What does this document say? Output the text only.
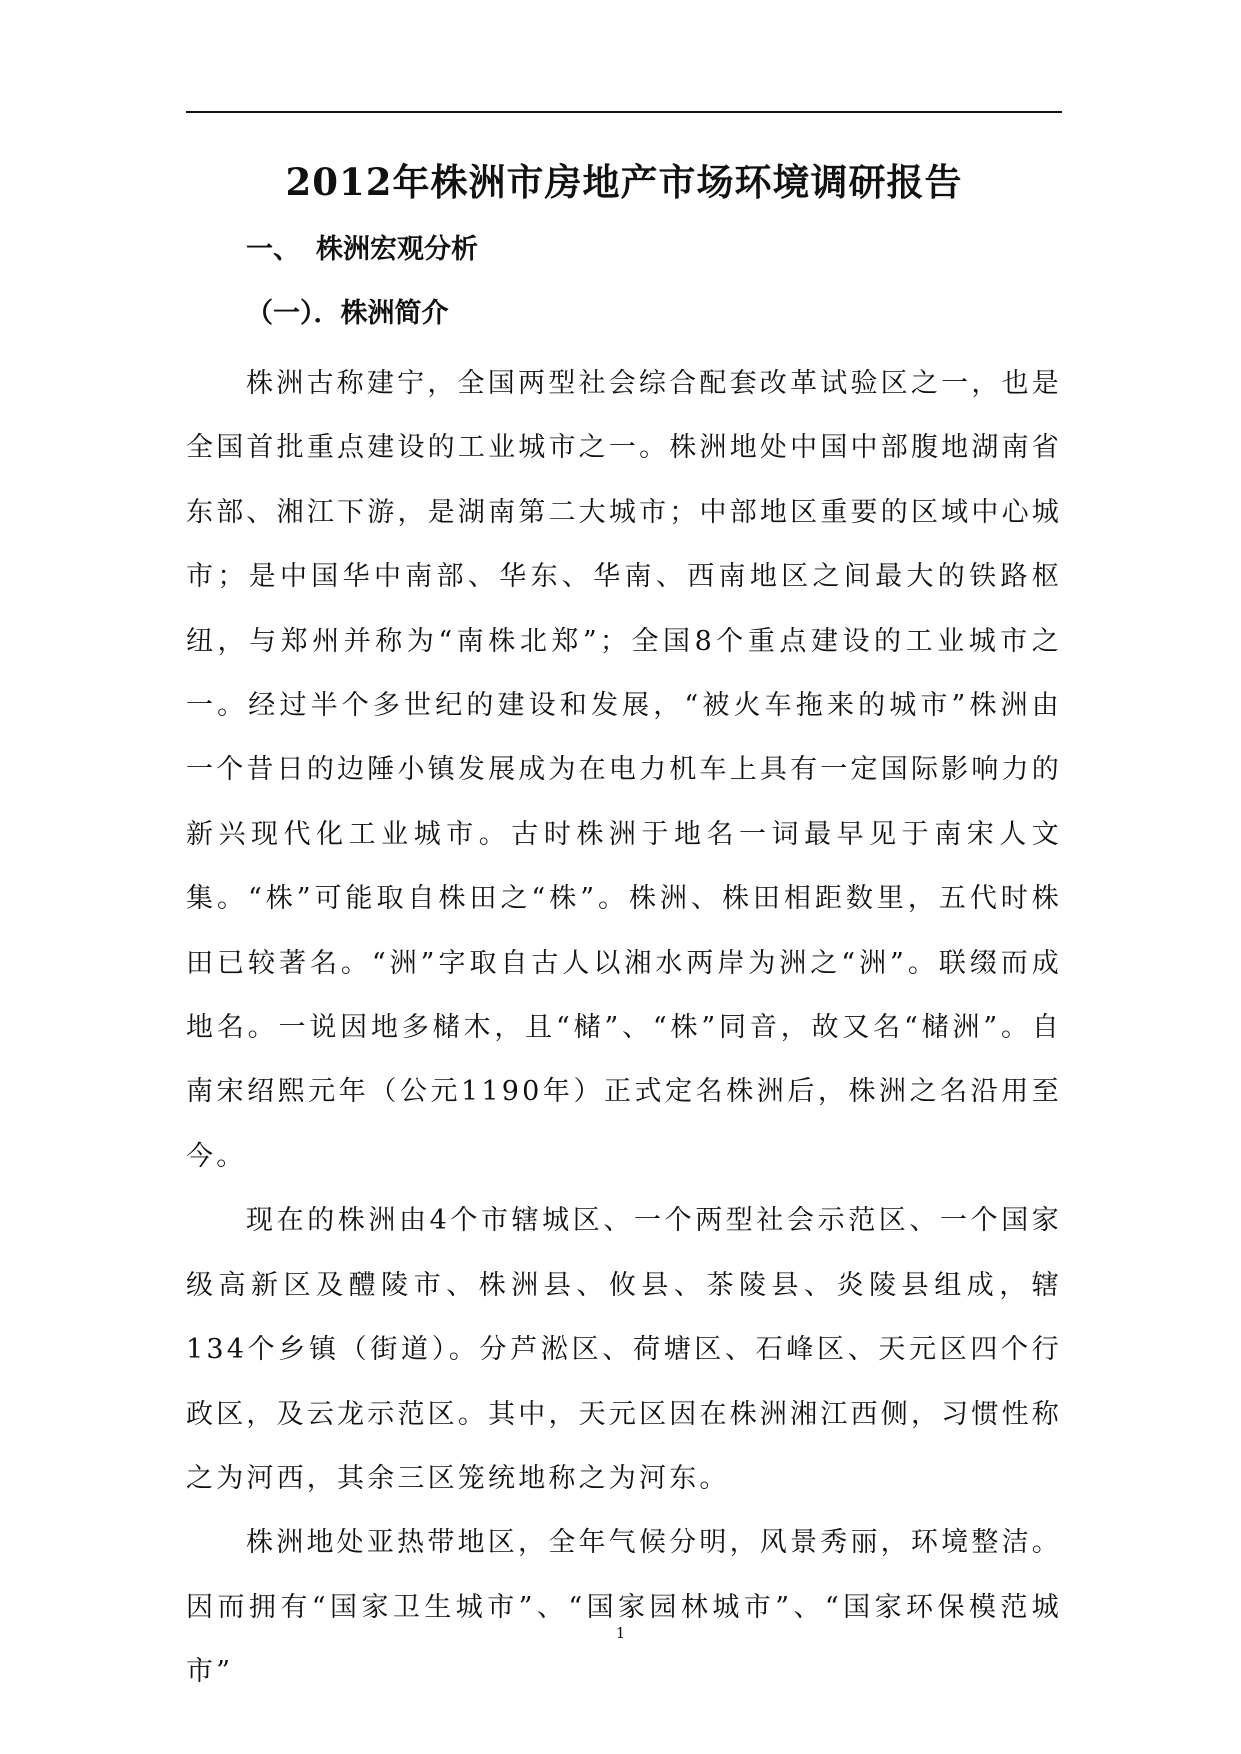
2012年株洲市房地产市场环境调研报告
一、 株洲宏观分析
（一）．株洲简介

株洲古称建宁，全国两型社会综合配套改革试验区之一，也是全国首批重点建设的工业城市之一。株洲地处中国中部腹地湖南省东部、湘江下游，是湖南第二大城市；中部地区重要的区域中心城市；是中国华中南部、华东、华南、西南地区之间最大的铁路枢纽，与郑州并称为“南株北郑”；全国8个重点建设的工业城市之一。经过半个多世纪的建设和发展，“被火车拖来的城市”株洲由一个昔日的边陲小镇发展成为在电力机车上具有一定国际影响力的新兴现代化工业城市。古时株洲于地名一词最早见于南宋人文集。“株”可能取自株田之“株”。株洲、株田相距数里，五代时株田已较著名。“洲”字取自古人以湘水两岸为洲之“洲”。联缀而成地名。一说因地多槠木，且“槠”、“株”同音，故又名“槠洲”。自南宋绍熙元年（公元1190年）正式定名株洲后，株洲之名沿用至今。

现在的株洲由4个市辖城区、一个两型社会示范区、一个国家级高新区及醴陵市、株洲县、攸县、茶陵县、炎陵县组成，辖134个乡镇（街道）。分芦淞区、荷塘区、石峰区、天元区四个行政区，及云龙示范区。其中，天元区因在株洲湘江西侧，习惯性称之为河西，其余三区笼统地称之为河东。

株洲地处亚热带地区，全年气候分明，风景秀丽，环境整洁。因而拥有“国家卫生城市”、“国家园林城市”、“国家环保模范城市”

1
